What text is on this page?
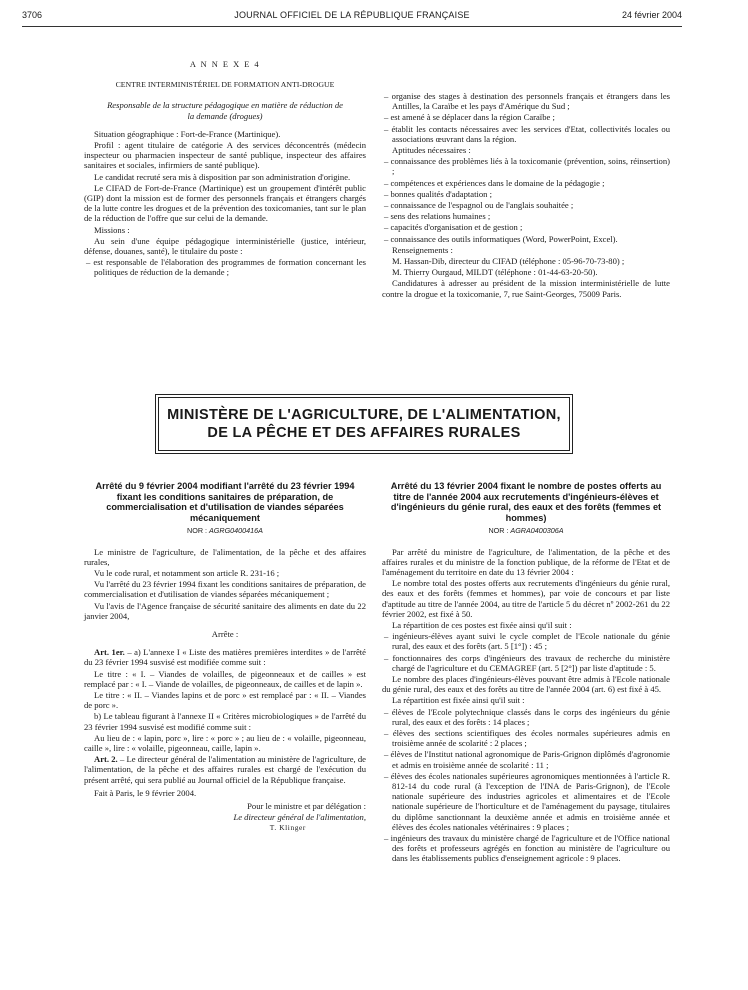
3706	JOURNAL OFFICIEL DE LA RÉPUBLIQUE FRANÇAISE	24 février 2004

A N N E X E 4

CENTRE INTERMINISTÉRIEL DE FORMATION ANTI-DROGUE

Responsable de la structure pédagogique en matière de réduction de la demande (drogues)

Situation géographique : Fort-de-France (Martinique).

Profil : agent titulaire de catégorie A des services déconcentrés (médecin inspecteur ou pharmacien inspecteur de santé publique, inspecteur des affaires sanitaires et sociales, infirmiers de santé publique).

Le candidat recruté sera mis à disposition par son administration d'origine.

Le CIFAD de Fort-de-France (Martinique) est un groupement d'intérêt public (GIP) dont la mission est de former des personnels français et étrangers chargés de la lutte contre les drogues et de la prévention des toxicomanies, tant sur le plan de la réduction de l'offre que sur celui de la demande.

Missions :

Au sein d'une équipe pédagogique interministérielle (justice, intérieur, défense, douanes, santé), le titulaire du poste :

– est responsable de l'élaboration des programmes de formation concernant les politiques de réduction de la demande ;

– organise des stages à destination des personnels français et étrangers dans les Antilles, la Caraïbe et les pays d'Amérique du Sud ;

– est amené à se déplacer dans la région Caraïbe ;

– établit les contacts nécessaires avec les services d'Etat, collectivités locales ou associations œuvrant dans la région.

Aptitudes nécessaires :

– connaissance des problèmes liés à la toxicomanie (prévention, soins, réinsertion) ;

– compétences et expériences dans le domaine de la pédagogie ;

– bonnes qualités d'adaptation ;

– connaissance de l'espagnol ou de l'anglais souhaitée ;

– sens des relations humaines ;

– capacités d'organisation et de gestion ;

– connaissance des outils informatiques (Word, PowerPoint, Excel).

Renseignements :

M. Hassan-Dib, directeur du CIFAD (téléphone : 05-96-70-73-80) ;

M. Thierry Ourgaud, MILDT (téléphone : 01-44-63-20-50).

Candidatures à adresser au président de la mission interministérielle de lutte contre la drogue et la toxicomanie, 7, rue Saint-Georges, 75009 Paris.

MINISTÈRE DE L'AGRICULTURE, DE L'ALIMENTATION,
DE LA PÊCHE ET DES AFFAIRES RURALES
Arrêté du 9 février 2004 modifiant l'arrêté du 23 février 1994 fixant les conditions sanitaires de préparation, de commercialisation et d'utilisation de viandes séparées mécaniquement
NOR : AGRG0400416A

Le ministre de l'agriculture, de l'alimentation, de la pêche et des affaires rurales,

Vu le code rural, et notamment son article R. 231-16 ;

Vu l'arrêté du 23 février 1994 fixant les conditions sanitaires de préparation, de commercialisation et d'utilisation de viandes séparées mécaniquement ;

Vu l'avis de l'Agence française de sécurité sanitaire des aliments en date du 22 janvier 2004,

Arrête :

Art. 1er. – a) L'annexe I « Liste des matières premières interdites » de l'arrêté du 23 février 1994 susvisé est modifiée comme suit :

Le titre : « I. – Viandes de volailles, de pigeonneaux et de cailles » est remplacé par : « I. – Viande de volailles, de pigeonneaux, de cailles et de lapin ».

Le titre : « II. – Viandes lapins et de porc » est remplacé par : « II. – Viandes de porc ».

b) Le tableau figurant à l'annexe II « Critères microbiologiques » de l'arrêté du 23 février 1994 susvisé est modifié comme suit :

Au lieu de : « lapin, porc », lire : « porc » ; au lieu de : « volaille, pigeonneau, caille », lire : « volaille, pigeonneau, caille, lapin ».

Art. 2. – Le directeur général de l'alimentation au ministère de l'agriculture, de l'alimentation, de la pêche et des affaires rurales est chargé de l'exécution du présent arrêté, qui sera publié au Journal officiel de la République française.

Fait à Paris, le 9 février 2004.

Pour le ministre et par délégation :

Le directeur général de l'alimentation,

T. Klinger

Arrêté du 13 février 2004 fixant le nombre de postes offerts au titre de l'année 2004 aux recrutements d'ingénieurs-élèves et d'ingénieurs du génie rural, des eaux et des forêts (femmes et hommes)
NOR : AGRA0400306A

Par arrêté du ministre de l'agriculture, de l'alimentation, de la pêche et des affaires rurales et du ministre de la fonction publique, de la réforme de l'Etat et de l'aménagement du territoire en date du 13 février 2004 :

Le nombre total des postes offerts aux recrutements d'ingénieurs du génie rural, des eaux et des forêts (femmes et hommes), par voie de concours et par liste d'aptitude au titre de l'année 2004, au titre de l'article 5 du décret nº 2002-261 du 22 février 2002, est fixé à 50.

La répartition de ces postes est fixée ainsi qu'il suit :

– ingénieurs-élèves ayant suivi le cycle complet de l'Ecole nationale du génie rural, des eaux et des forêts (art. 5 [1°]) : 45 ;

– fonctionnaires des corps d'ingénieurs des travaux de recherche du ministère chargé de l'agriculture et du CEMAGREF (art. 5 [2°]) par liste d'aptitude : 5.

Le nombre des places d'ingénieurs-élèves pouvant être admis à l'Ecole nationale du génie rural, des eaux et des forêts au titre de l'année 2004 (art. 6) est fixé à 45.

La répartition est fixée ainsi qu'il suit :

– élèves de l'Ecole polytechnique classés dans le corps des ingénieurs du génie rural, des eaux et des forêts : 14 places ;

– élèves des sections scientifiques des écoles normales supérieures admis en troisième année de scolarité : 2 places ;

– élèves de l'Institut national agronomique de Paris-Grignon diplômés d'agronomie et admis en troisième année de scolarité : 11 ;

– élèves des écoles nationales supérieures agronomiques mentionnées à l'article R. 812-14 du code rural (à l'exception de l'INA de Paris-Grignon), de l'Ecole nationale supérieure des industries agricoles et alimentaires et de l'Ecole nationale supérieure de l'horticulture et de l'aménagement du paysage, titulaires du diplôme sanctionnant la deuxième année et admis en troisième année et élèves des écoles nationales vétérinaires : 9 places ;

– ingénieurs des travaux du ministère chargé de l'agriculture et de l'Office national des forêts et professeurs agrégés en fonction au ministère de l'agriculture ou dans les établissements publics d'enseignement agricole : 9 places.
